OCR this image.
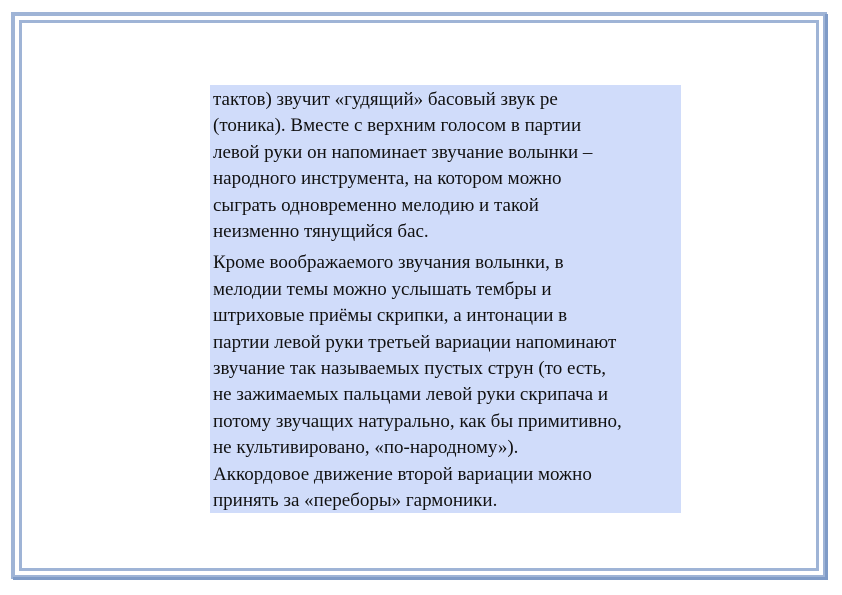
тактов) звучит «гудящий» басовый звук ре
(тоника). Вместе с верхним голосом в партии
левой руки он напоминает звучание волынки –
народного инструмента, на котором можно
сыграть одновременно мелодию и такой
неизменно тянущийся бас.

Кроме воображаемого звучания волынки, в
мелодии темы можно услышать тембры и
штриховые приёмы скрипки, а интонации в
партии левой руки третьей вариации напоминают
звучание так называемых пустых струн (то есть,
не зажимаемых пальцами левой руки скрипача и
потому звучащих натурально, как бы примитивно,
не культивировано, «по-народному»).
Аккордовое движение второй вариации можно
принять за «переборы» гармоники.
